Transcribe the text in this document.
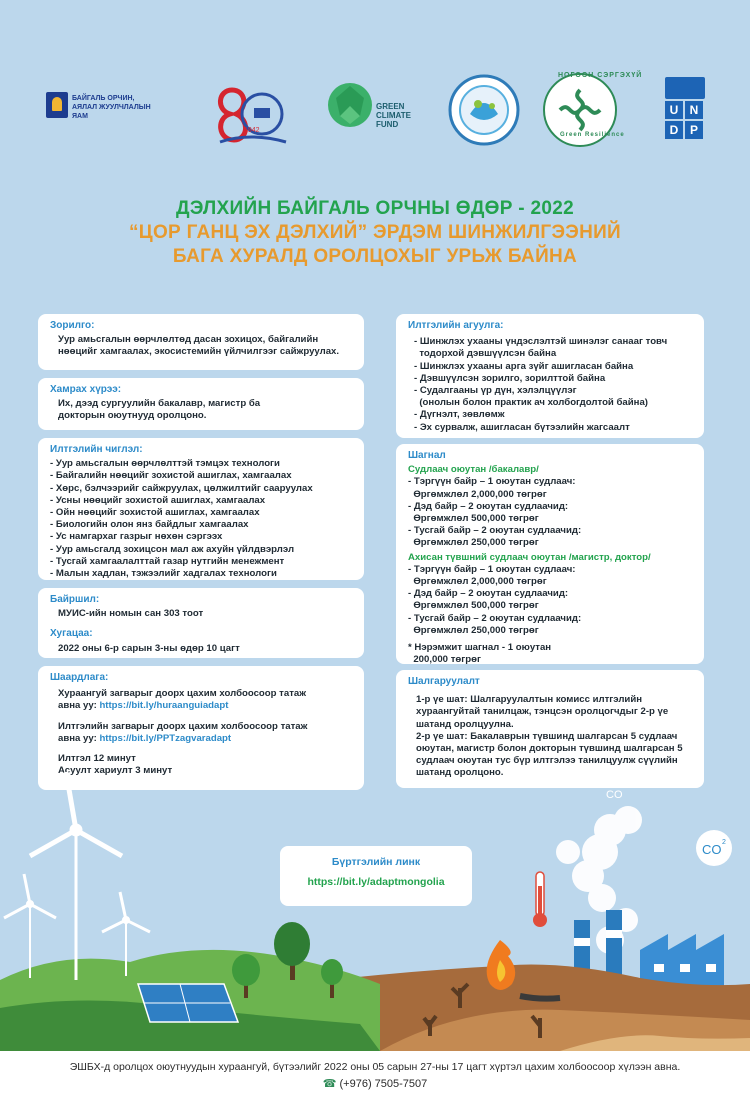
БАЙГАЛЬ ОРЧИН,
АЯЛАЛ ЖУУЛЧЛАЛЫН ЯАМ
1942
GREEN
CLIMATE
FUND
НОГООН СЭРГЭХҮЙ
Green Resilience
U N D P
ДЭЛХИЙН БАЙГАЛЬ ОРЧНЫ ӨДӨР - 2022
“ЦОР ГАНЦ ЭХ ДЭЛХИЙ” ЭРДЭМ ШИНЖИЛГЭЭНИЙ
БАГА ХУРАЛД ОРОЛЦОХЫГ УРЬЖ БАЙНА
Зорилго:
Уур амьсгалын өөрчлөлтөд дасан зохицох, байгалийн нөөцийг хамгаалах, экосистемийн үйлчилгээг сайжруулах.
Хамрах хүрээ:
Их, дээд сургуулийн бакалавр, магистр ба докторын оюутнууд оролцоно.
Илтгэлийн чиглэл:
- Уур амьсгалын өөрчлөлттэй тэмцэх технологи
- Байгалийн нөөцийг зохистой ашиглах, хамгаалах
- Хөрс, бэлчээрийг сайжруулах, цөлжилтийг сааруулах
- Усны нөөцийг зохистой ашиглах, хамгаалах
- Ойн нөөцийг зохистой ашиглах, хамгаалах
- Биологийн олон янз байдлыг хамгаалах
- Ус намгархаг газрыг нөхөн сэргээх
- Уур амьсгалд зохицсон мал аж ахуйн үйлдвэрлэл
- Тусгай хамгаалалттай газар нутгийн менежмент
- Малын хадлан, тэжээлийг хадгалах технологи
Байршил:
МУИС-ийн номын сан 303 тоот
Хугацаа:
2022 оны 6-р сарын 3-ны өдөр 10 цагт
Шаардлага:
Хураангуй загварыг доорх цахим холбоосоор татаж
авна уу: https://bit.ly/huraanguiadapt
Илтгэлийн загварыг доорх цахим холбоосоор татаж
авна уу: https://bit.ly/PPTzagvaradapt
Илтгэл 12 минут
Асуулт хариулт 3 минут
Илтгэлийн агуулга:
- Шинжлэх ухааны үндэслэлтэй шинэлэг санааг товч
тодорхой дэвшүүлсэн байна
- Шинжлэх ухааны арга зүйг ашигласан байна
- Дэвшүүлсэн зорилго, зорилттой байна
- Судалгааны үр дүн, хэлэлцүүлэг
(онолын болон практик ач холбогдолтой байна)
- Дүгнэлт, зөвлөмж
- Эх сурвалж, ашигласан бүтээлийн жагсаалт
Шагнал
Судлаач оюутан /бакалавр/
- Тэргүүн байр – 1 оюутан судлаач:
Өргөмжлөл 2,000,000 төгрөг
- Дэд байр – 2 оюутан судлаачид:
Өргөмжлөл 500,000 төгрөг
- Тусгай байр – 2 оюутан судлаачид:
Өргөмжлөл 250,000 төгрөг
Ахисан түвшний судлаач оюутан /магистр, доктор/
- Тэргүүн байр – 1 оюутан судлаач:
Өргөмжлөл 2,000,000 төгрөг
- Дэд байр – 2 оюутан судлаачид:
Өргөмжлөл 500,000 төгрөг
- Тусгай байр – 2 оюутан судлаачид:
Өргөмжлөл 250,000 төгрөг
* Нэрэмжит шагнал - 1 оюутан
200,000 төгрөг
Шалгаруулалт
1-р үе шат: Шалгаруулалтын комисс илтгэлийн хураангуйтай танилцаж, тэнцсэн оролцогчдыг 2-р үе шатанд оролцуулна.
2-р үе шат: Бакалаврын түвшинд шалгарсан 5 судлаач оюутан, магистр болон докторын түвшинд шалгарсан 5 судлаач оюутан тус бүр илтгэлээ танилцуулж сүүлийн шатанд оролцоно.
CO
CO 2
Бүртгэлийн линк
https://bit.ly/adaptmongolia
ЭШБХ-д оролцох оюутнуудын хураангуй, бүтээлийг 2022 оны 05 сарын 27-ны 17 цагт хүртэл цахим холбоосоор хүлээн авна.
☎ (+976) 7505-7507
